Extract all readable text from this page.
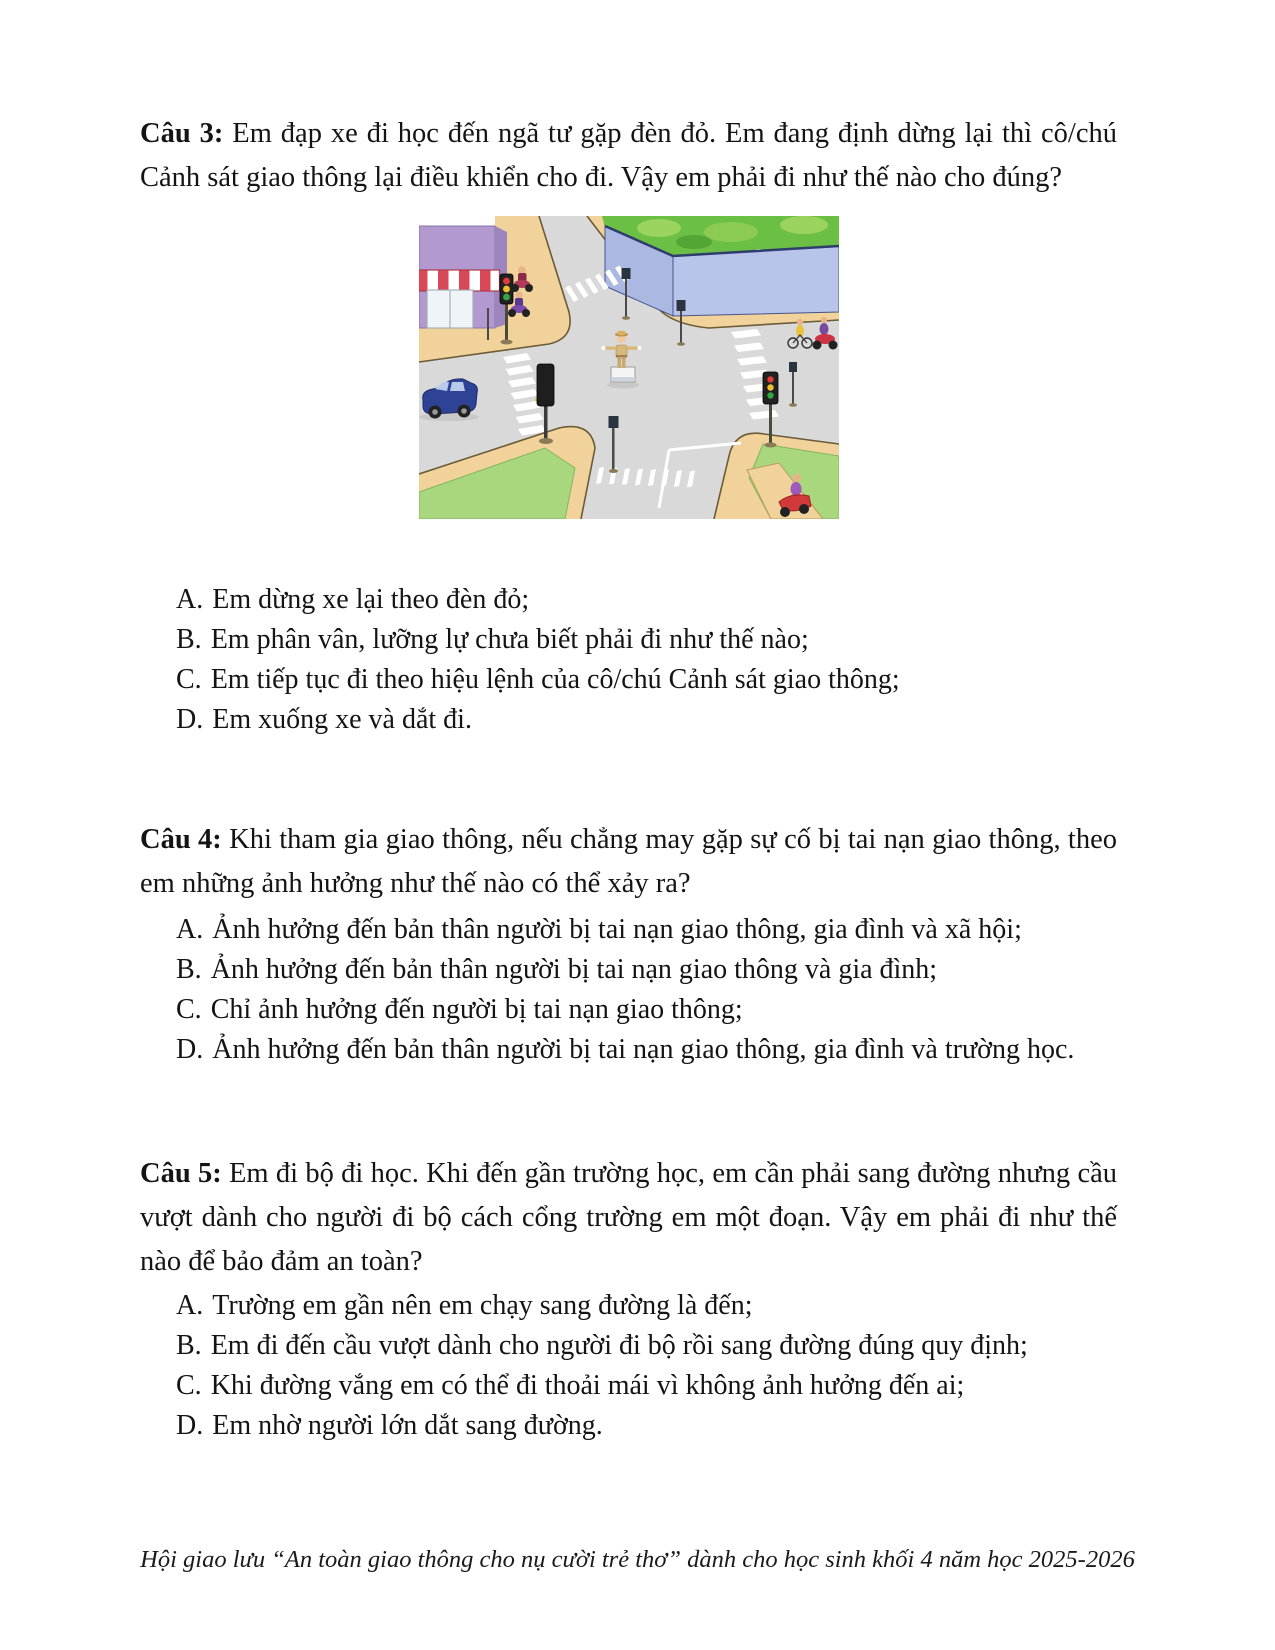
Câu 3: Em đạp xe đi học đến ngã tư gặp đèn đỏ. Em đang định dừng lại thì cô/chú Cảnh sát giao thông lại điều khiển cho đi. Vậy em phải đi như thế nào cho đúng?

A. Em dừng xe lại theo đèn đỏ;
B. Em phân vân, lưỡng lự chưa biết phải đi như thế nào;
C. Em tiếp tục đi theo hiệu lệnh của cô/chú Cảnh sát giao thông;
D. Em xuống xe và dắt đi.

Câu 4: Khi tham gia giao thông, nếu chẳng may gặp sự cố bị tai nạn giao thông, theo em những ảnh hưởng như thế nào có thể xảy ra?

A. Ảnh hưởng đến bản thân người bị tai nạn giao thông, gia đình và xã hội;
B. Ảnh hưởng đến bản thân người bị tai nạn giao thông và gia đình;
C. Chỉ ảnh hưởng đến người bị tai nạn giao thông;
D. Ảnh hưởng đến bản thân người bị tai nạn giao thông, gia đình và trường học.

Câu 5: Em đi bộ đi học. Khi đến gần trường học, em cần phải sang đường nhưng cầu vượt dành cho người đi bộ cách cổng trường em một đoạn. Vậy em phải đi như thế nào để bảo đảm an toàn?

A. Trường em gần nên em chạy sang đường là đến;
B. Em đi đến cầu vượt dành cho người đi bộ rồi sang đường đúng quy định;
C. Khi đường vắng em có thể đi thoải mái vì không ảnh hưởng đến ai;
D. Em nhờ người lớn dắt sang đường.
Hội giao lưu “An toàn giao thông cho nụ cười trẻ thơ” dành cho học sinh khối 4 năm học 2025-2026
